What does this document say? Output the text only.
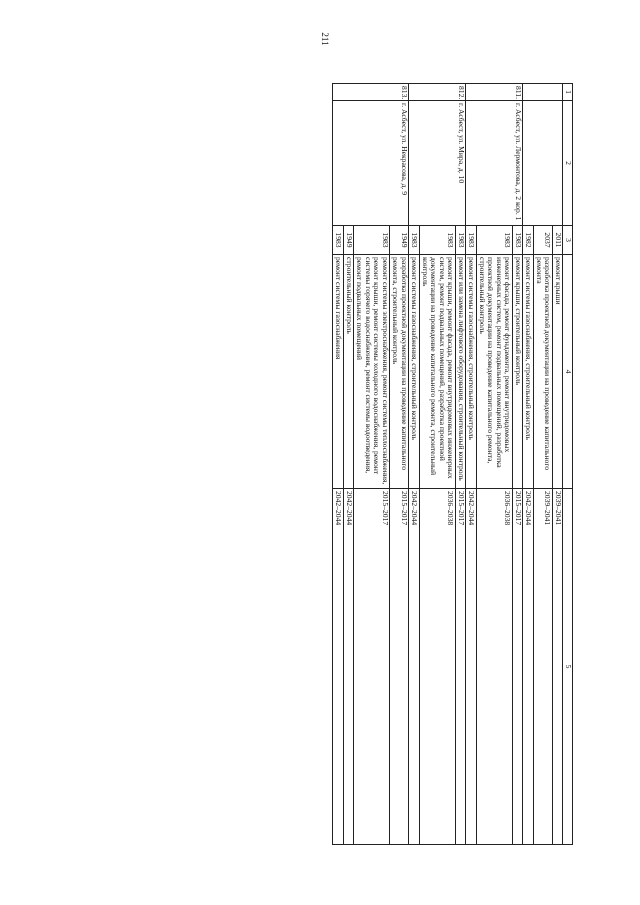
211
1	2	3	4	5
		2011	ремонт крыши	2039–2041
		2037	разработка проектной документации на проведение капитального ремонта	2039–2041
		1982	ремонт системы газоснабжения, строительный контроль	2042–2044
811.	г. Асбест, ул. Лермонтова, д. 2 кор. 1	1983	ремонт крыши, строительный контроль	2015–2017
		1983	ремонт фасада, ремонт фундамента, ремонт внутридомовых инженерных систем, ремонт подвальных помещений, разработка проектной документации на проведение капитального ремонта, строительный контроль	2036–2038
		1983	ремонт системы газоснабжения, строительный контроль	2042–2044
812.	г. Асбест, ул. Мира, д. 10	1983	ремонт или замена лифтового оборудования, строительный контроль	2015–2017
		1983	ремонт крыши, ремонт фасада, ремонт внутридомовых инженерных систем, ремонт подвальных помещений, разработка проектной документации на проведение капитального ремонта, строительный контроль	2036–2038
		1983	ремонт системы газоснабжения, строительный контроль	2042–2044
813.	г. Асбест, ул. Некрасова, д. 9	1949	разработка проектной документации на проведение капитального ремонта, строительный контроль	2015–2017
		1983	ремонт системы электроснабжения, ремонт системы теплоснабжения, ремонт крыши, ремонт системы холодного водоснабжения, ремонт системы горячего водоснабжения, ремонт системы водоотведения, ремонт подвальных помещений	2015–2017
		1949	строительный контроль	2042–2044
		1983	ремонт системы газоснабжения	2042–2044
